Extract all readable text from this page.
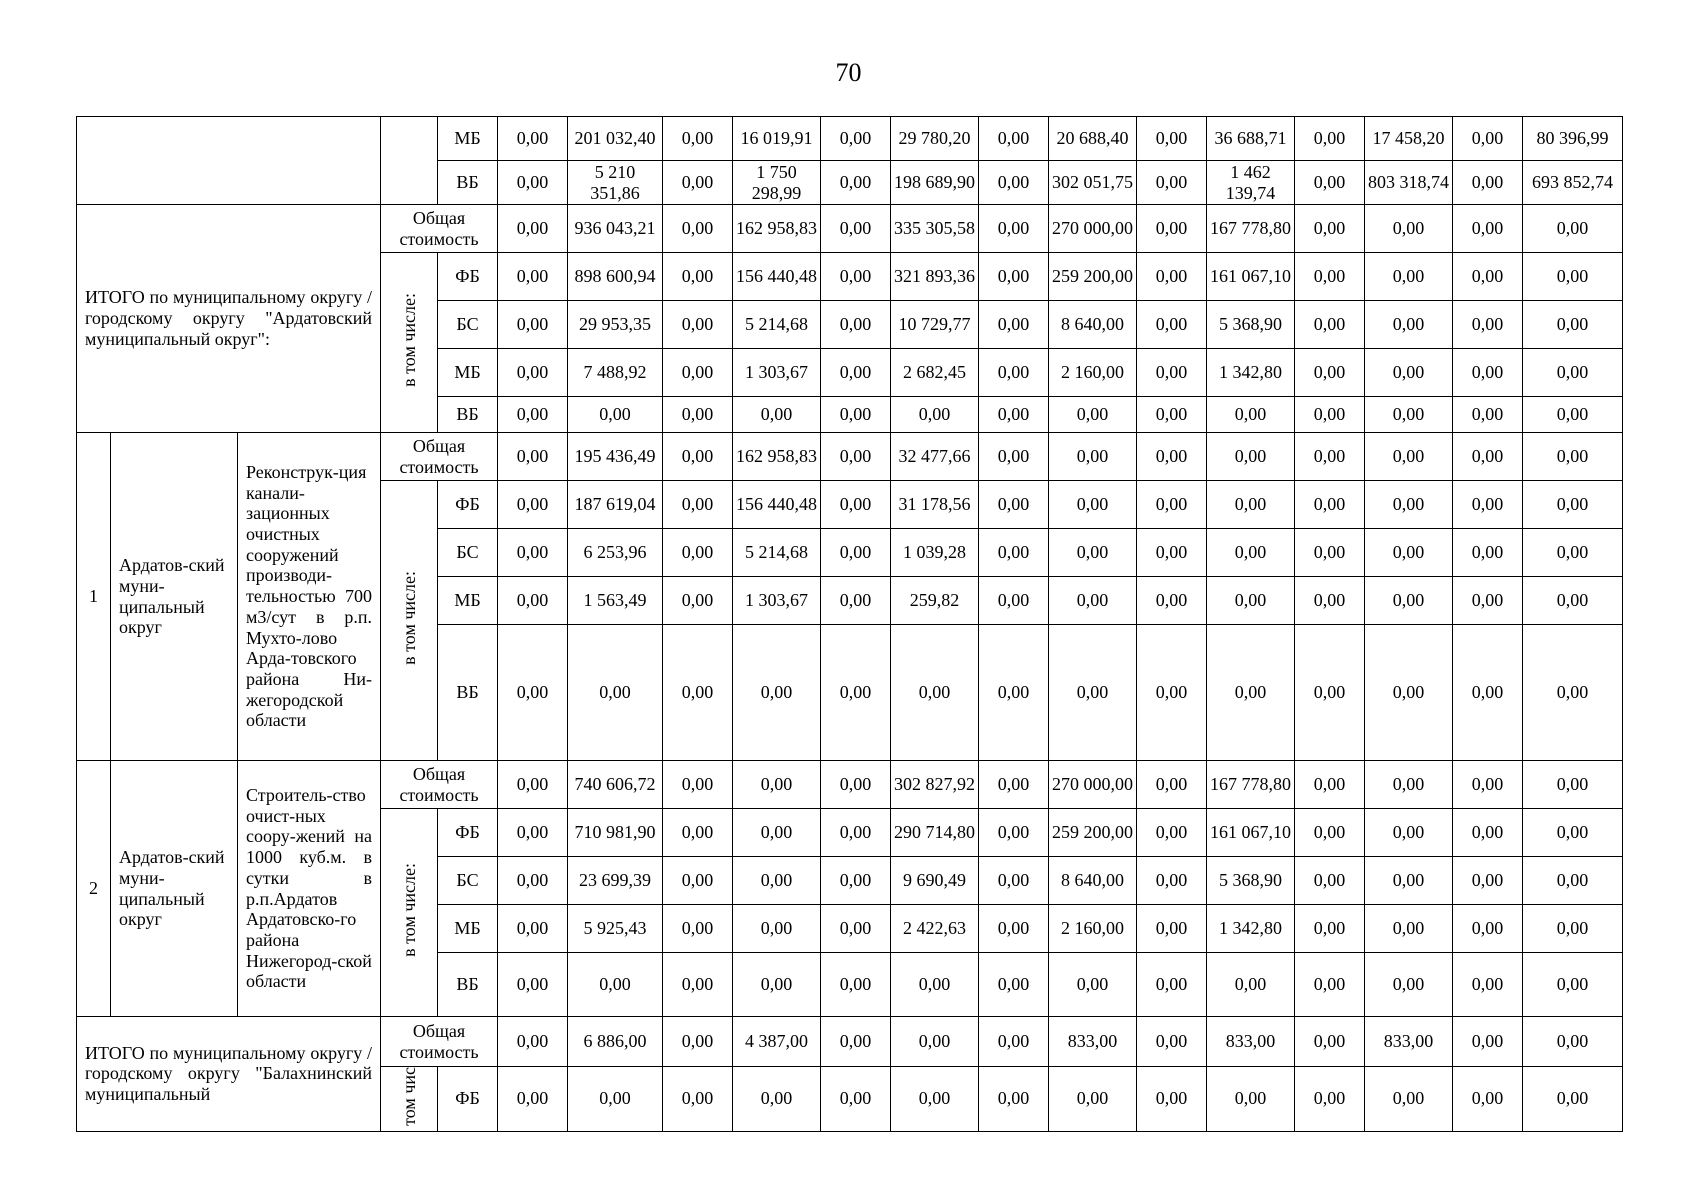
70
				МБ	0,00	201 032,40	0,00	16 019,91	0,00	29 780,20	0,00	20 688,40	0,00	36 688,71	0,00	17 458,20	0,00	80 396,99
				ВБ	0,00	5 210 351,86	0,00	1 750 298,99	0,00	198 689,90	0,00	302 051,75	0,00	1 462 139,74	0,00	803 318,74	0,00	693 852,74
ИТОГО по муниципальному округу / городскому округу "Ардатовский муниципальный округ":			Общая стоимость		0,00	936 043,21	0,00	162 958,83	0,00	335 305,58	0,00	270 000,00	0,00	167 778,80	0,00	0,00	0,00	0,00
			в том числе:	ФБ	0,00	898 600,94	0,00	156 440,48	0,00	321 893,36	0,00	259 200,00	0,00	161 067,10	0,00	0,00	0,00	0,00
				БС	0,00	29 953,35	0,00	5 214,68	0,00	10 729,77	0,00	8 640,00	0,00	5 368,90	0,00	0,00	0,00	0,00
				МБ	0,00	7 488,92	0,00	1 303,67	0,00	2 682,45	0,00	2 160,00	0,00	1 342,80	0,00	0,00	0,00	0,00
				ВБ	0,00	0,00	0,00	0,00	0,00	0,00	0,00	0,00	0,00	0,00	0,00	0,00	0,00	0,00
1	Ардатов-ский муни-ципальный округ	Реконструк-ция канали-зационных очистных сооружений производи-тельностью 700 м3/сут в р.п. Мухто-лово Арда-товского района Ни-жегородской области	Общая стоимость		0,00	195 436,49	0,00	162 958,83	0,00	32 477,66	0,00	0,00	0,00	0,00	0,00	0,00	0,00	0,00
			в том числе:	ФБ	0,00	187 619,04	0,00	156 440,48	0,00	31 178,56	0,00	0,00	0,00	0,00	0,00	0,00	0,00	0,00
				БС	0,00	6 253,96	0,00	5 214,68	0,00	1 039,28	0,00	0,00	0,00	0,00	0,00	0,00	0,00	0,00
				МБ	0,00	1 563,49	0,00	1 303,67	0,00	259,82	0,00	0,00	0,00	0,00	0,00	0,00	0,00	0,00
				ВБ	0,00	0,00	0,00	0,00	0,00	0,00	0,00	0,00	0,00	0,00	0,00	0,00	0,00	0,00
2	Ардатов-ский муни-ципальный округ	Строитель-ство очист-ных соору-жений на 1000 куб.м. в сутки в р.п.Ардатов Ардатовско-го района Нижегород-ской области	Общая стоимость		0,00	740 606,72	0,00	0,00	0,00	302 827,92	0,00	270 000,00	0,00	167 778,80	0,00	0,00	0,00	0,00
			в том числе:	ФБ	0,00	710 981,90	0,00	0,00	0,00	290 714,80	0,00	259 200,00	0,00	161 067,10	0,00	0,00	0,00	0,00
				БС	0,00	23 699,39	0,00	0,00	0,00	9 690,49	0,00	8 640,00	0,00	5 368,90	0,00	0,00	0,00	0,00
				МБ	0,00	5 925,43	0,00	0,00	0,00	2 422,63	0,00	2 160,00	0,00	1 342,80	0,00	0,00	0,00	0,00
				ВБ	0,00	0,00	0,00	0,00	0,00	0,00	0,00	0,00	0,00	0,00	0,00	0,00	0,00	0,00
ИТОГО по муниципальному округу / городскому округу "Балахнинский муниципальный			Общая стоимость		0,00	6 886,00	0,00	4 387,00	0,00	0,00	0,00	833,00	0,00	833,00	0,00	833,00	0,00	0,00
			том чис	ФБ	0,00	0,00	0,00	0,00	0,00	0,00	0,00	0,00	0,00	0,00	0,00	0,00	0,00	0,00
